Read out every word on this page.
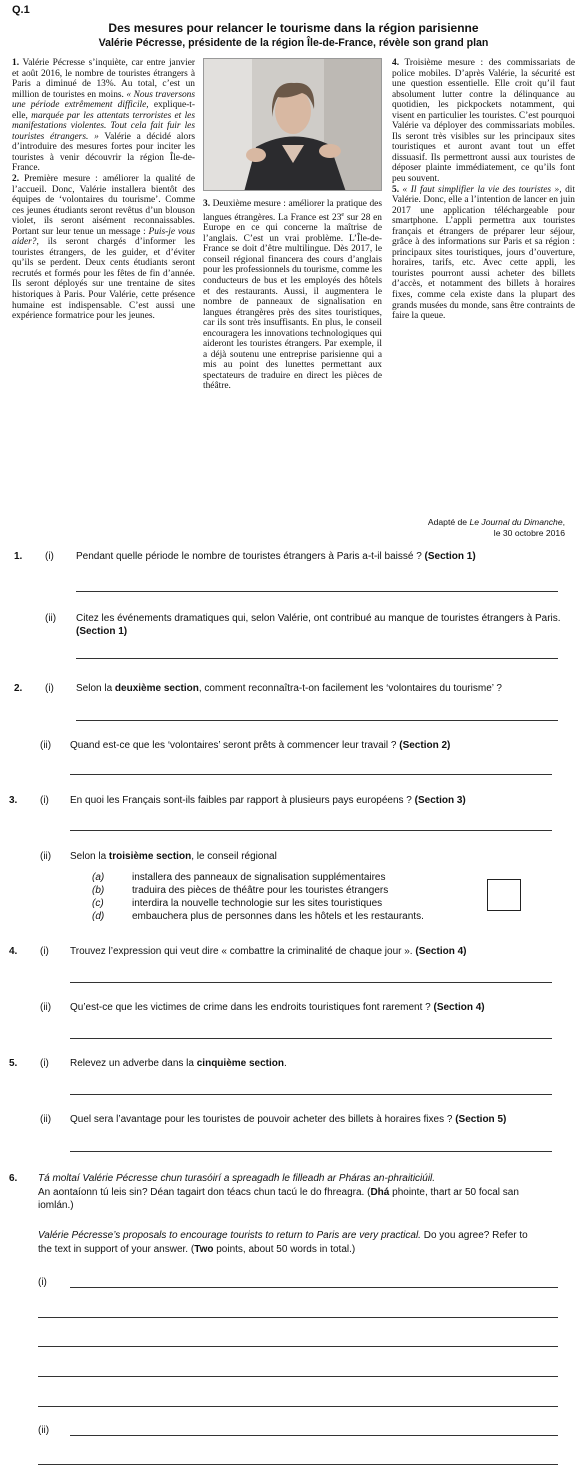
Q.1
Des mesures pour relancer le tourisme dans la région parisienne
Valérie Pécresse, présidente de la région Île-de-France, révèle son grand plan

1. Valérie Pécresse s’inquiète, car entre janvier et août 2016, le nombre de touristes étrangers à Paris a diminué de 13%. Au total, c’est un million de touristes en moins. « Nous traversons une période extrêmement difficile, explique-t-elle, marquée par les attentats terroristes et les manifestations violentes. Tout cela fait fuir les touristes étrangers. » Valérie a décidé alors d’introduire des mesures fortes pour inciter les touristes à venir découvrir la région Île-de-France.

2. Première mesure : améliorer la qualité de l’accueil. Donc, Valérie installera bientôt des équipes de ‘volontaires du tourisme’. Comme ces jeunes étudiants seront revêtus d’un blouson violet, ils seront aisément reconnaissables. Portant sur leur tenue un message : Puis-je vous aider?, ils seront chargés d’informer les touristes étrangers, de les guider, et d’éviter qu’ils se perdent. Deux cents étudiants seront recrutés et formés pour les fêtes de fin d’année. Ils seront déployés sur une trentaine de sites historiques à Paris. Pour Valérie, cette présence humaine est indispensable. C’est aussi une expérience formatrice pour les jeunes.

3. Deuxième mesure : améliorer la pratique des langues étrangères. La France est 23e sur 28 en Europe en ce qui concerne la maîtrise de l’anglais. C’est un vrai problème. L’Île-de-France se doit d’être multilingue. Dès 2017, le conseil régional financera des cours d’anglais pour les professionnels du tourisme, comme les conducteurs de bus et les employés des hôtels et des restaurants. Aussi, il augmentera le nombre de panneaux de signalisation en langues étrangères près des sites touristiques, car ils sont très insuffisants. En plus, le conseil encouragera les innovations technologiques qui aideront les touristes étrangers. Par exemple, il a déjà soutenu une entreprise parisienne qui a mis au point des lunettes permettant aux spectateurs de traduire en direct les pièces de théâtre.

4. Troisième mesure : des commissariats de police mobiles. D’après Valérie, la sécurité est une question essentielle. Elle croit qu’il faut absolument lutter contre la délinquance au quotidien, les pickpockets notamment, qui visent en particulier les touristes. C’est pourquoi Valérie va déployer des commissariats mobiles. Ils seront très visibles sur les principaux sites touristiques et auront avant tout un effet dissuasif. Ils permettront aussi aux touristes de déposer plainte immédiatement, ce qu’ils font peu souvent.

5. « Il faut simplifier la vie des touristes », dit Valérie. Donc, elle a l’intention de lancer en juin 2017 une application téléchargeable pour smartphone. L’appli permettra aux touristes français et étrangers de préparer leur séjour, grâce à des informations sur Paris et sa région : principaux sites touristiques, jours d’ouverture, horaires, tarifs, etc. Avec cette appli, les touristes pourront aussi acheter des billets d’accès, et notamment des billets à horaires fixes, comme cela existe dans la plupart des grands musées du monde, sans être contraints de faire la queue.

Adapté de Le Journal du Dimanche,
le 30 octobre 2016
1. (i) Pendant quelle période le nombre de touristes étrangers à Paris a-t-il baissé ? (Section 1)
(ii) Citez les événements dramatiques qui, selon Valérie, ont contribué au manque de touristes étrangers à Paris. (Section 1)
2. (i) Selon la deuxième section, comment reconnaîtra-t-on facilement les ‘volontaires du tourisme’ ?
(ii) Quand est-ce que les ‘volontaires’ seront prêts à commencer leur travail ? (Section 2)
3. (i) En quoi les Français sont-ils faibles par rapport à plusieurs pays européens ? (Section 3)
(ii) Selon la troisième section, le conseil régional
(a)	installera des panneaux de signalisation supplémentaires
(b)	traduira des pièces de théâtre pour les touristes étrangers
(c)	interdira la nouvelle technologie sur les sites touristiques
(d)	embauchera plus de personnes dans les hôtels et les restaurants.
4. (i) Trouvez l’expression qui veut dire « combattre la criminalité de chaque jour ». (Section 4)
(ii) Qu’est-ce que les victimes de crime dans les endroits touristiques font rarement ? (Section 4)
5. (i) Relevez un adverbe dans la cinquième section.
(ii) Quel sera l’avantage pour les touristes de pouvoir acheter des billets à horaires fixes ? (Section 5)
6. Tá moltaí Valérie Pécresse chun turasóirí a spreagadh le filleadh ar Pháras an-phraiticiúil.
An aontaíonn tú leis sin? Déan tagairt don téacs chun tacú le do fhreagra. (Dhá phointe, thart ar 50 focal san iomlán.)
Valérie Pécresse’s proposals to encourage tourists to return to Paris are very practical. Do you agree? Refer to the text in support of your answer. (Two points, about 50 words in total.)
(i)
(ii)
